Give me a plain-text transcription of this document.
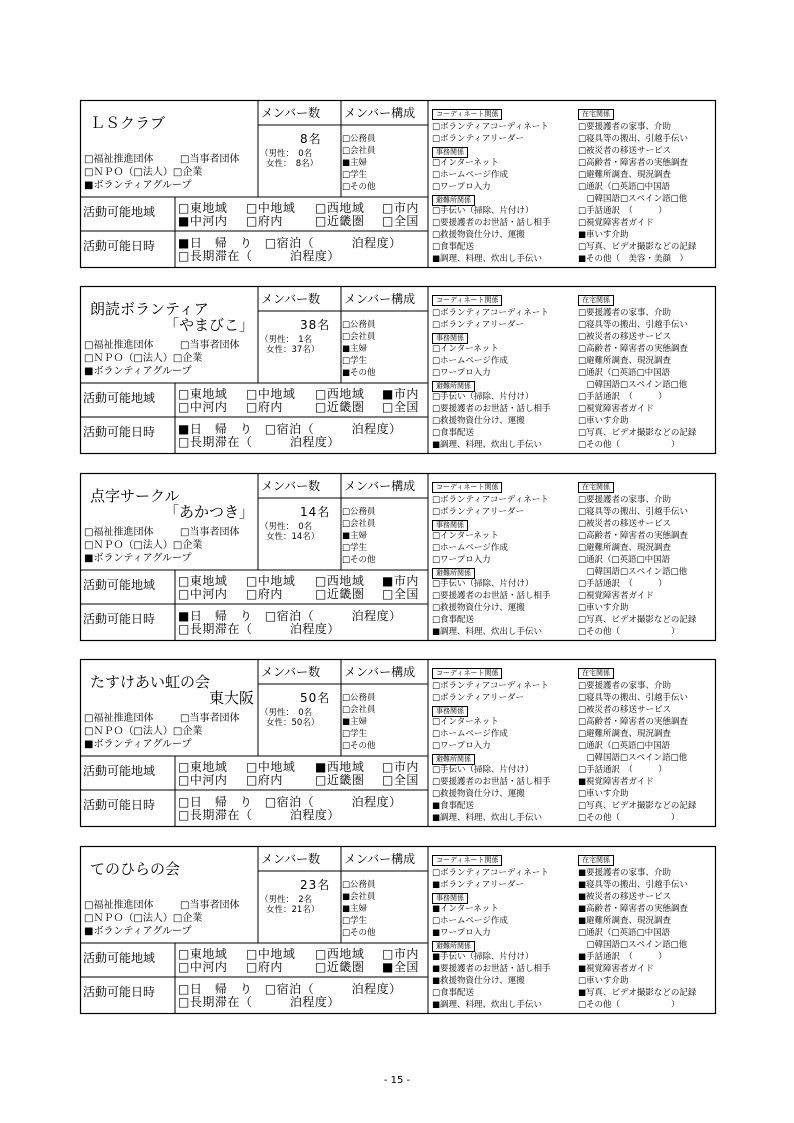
ＬＳクラブ
□福祉推進団体	□当事者団体
□ＮＰＯ（□法人）□企業
■ボランティアグループ
メンバー数
8名
（男性：　0名
女性：　8名）
メンバー構成
□公務員
□会社員
■主婦
□学生
□その他
活動可能地域 □東地域 □中地域 □西地域 □市内
■中河内 □府内	□近畿圏 □全国
活動可能日時 ■日　帰　り　□宿泊（　　　泊程度）
□長期滞在（　　　泊程度）
コーディネート関係
□ボランティアコーディネート
□ボランティアリーダー
事務関係
□インターネット
□ホームページ作成
□ワープロ入力
避難所関係
□手伝い（掃除、片付け）
□要援護者のお世話・話し相手
□救援物資仕分け、運搬
□食事配送
■調理、料理、炊出し手伝い
在宅関係
□要援護者の家事、介助
□寝具等の搬出、引越手伝い
□被災者の移送サービス
□高齢者・障害者の実態調査
□避難所調査、現況調査
□通訳（□英語□中国語
　□韓国語□スペイン語□他
□手話通訳　（　　　）
□視覚障害者ガイド
■車いす介助
□写真、ビデオ撮影などの記録
■その他（　美容・美顔　）
朗読ボランティア
「やまびこ」
□福祉推進団体	□当事者団体
□ＮＰＯ（□法人）□企業
■ボランティアグループ
メンバー数
38名
（男性：　1名
女性：37名）
メンバー構成
□公務員
□会社員
■主婦
□学生
■その他
活動可能地域 □東地域 □中地域 □西地域 ■市内
□中河内 □府内	□近畿圏 □全国
活動可能日時 ■日　帰　り　□宿泊（　　　泊程度）
□長期滞在（　　　泊程度）
コーディネート関係
□ボランティアコーディネート
□ボランティアリーダー
事務関係
□インターネット
□ホームページ作成
□ワープロ入力
避難所関係
□手伝い（掃除、片付け）
□要援護者のお世話・話し相手
□救援物資仕分け、運搬
□食事配送
■調理、料理、炊出し手伝い
在宅関係
□要援護者の家事、介助
□寝具等の搬出、引越手伝い
□被災者の移送サービス
□高齢者・障害者の実態調査
□避難所調査、現況調査
□通訳（□英語□中国語
　□韓国語□スペイン語□他
□手話通訳　（　　　）
□視覚障害者ガイド
□車いす介助
□写真、ビデオ撮影などの記録
□その他（　　　　　　）
点字サークル
「あかつき」
□福祉推進団体	□当事者団体
□ＮＰＯ（□法人）□企業
■ボランティアグループ
メンバー数
14名
（男性：　0名
女性：14名）
メンバー構成
□公務員
□会社員
■主婦
□学生
□その他
活動可能地域 □東地域 □中地域 □西地域 ■市内
□中河内 □府内	□近畿圏 □全国
活動可能日時 ■日　帰　り　□宿泊（　　　泊程度）
□長期滞在（　　　泊程度）
コーディネート関係
□ボランティアコーディネート
□ボランティアリーダー
事務関係
□インターネット
□ホームページ作成
□ワープロ入力
避難所関係
□手伝い（掃除、片付け）
□要援護者のお世話・話し相手
□救援物資仕分け、運搬
□食事配送
■調理、料理、炊出し手伝い
在宅関係
□要援護者の家事、介助
□寝具等の搬出、引越手伝い
□被災者の移送サービス
□高齢者・障害者の実態調査
□避難所調査、現況調査
□通訳（□英語□中国語
　□韓国語□スペイン語□他
□手話通訳　（　　　）
□視覚障害者ガイド
□車いす介助
□写真、ビデオ撮影などの記録
□その他（　　　　　　）
たすけあい虹の会
東大阪
□福祉推進団体	□当事者団体
□ＮＰＯ（□法人）□企業
■ボランティアグループ
メンバー数
50名
（男性：　0名
女性：50名）
メンバー構成
□公務員
□会社員
■主婦
□学生
□その他
活動可能地域 □東地域 □中地域 ■西地域 □市内
□中河内 □府内	□近畿圏 □全国
活動可能日時 □日　帰　り　□宿泊（　　　泊程度）
□長期滞在（　　　泊程度）
コーディネート関係
□ボランティアコーディネート
□ボランティアリーダー
事務関係
□インターネット
□ホームページ作成
□ワープロ入力
避難所関係
□手伝い（掃除、片付け）
□要援護者のお世話・話し相手
□救援物資仕分け、運搬
■食事配送
■調理、料理、炊出し手伝い
在宅関係
□要援護者の家事、介助
□寝具等の搬出、引越手伝い
□被災者の移送サービス
□高齢者・障害者の実態調査
□避難所調査、現況調査
□通訳（□英語□中国語
　□韓国語□スペイン語□他
□手話通訳　（　　　）
■視覚障害者ガイド
□車いす介助
□写真、ビデオ撮影などの記録
□その他（　　　　　　）
てのひらの会
□福祉推進団体	□当事者団体
□ＮＰＯ（□法人）□企業
■ボランティアグループ
メンバー数
23名
（男性：　2名
女性：21名）
メンバー構成
□公務員
■会社員
■主婦
□学生
□その他
活動可能地域 □東地域 □中地域 □西地域 □市内
□中河内 □府内	□近畿圏 ■全国
活動可能日時 □日　帰　り　□宿泊（　　　泊程度）
□長期滞在（　　　泊程度）
コーディネート関係
□ボランティアコーディネート
■ボランティアリーダー
事務関係
■インターネット
□ホームページ作成
■ワープロ入力
避難所関係
■手伝い（掃除、片付け）
■要援護者のお世話・話し相手
■救援物資仕分け、運搬
□食事配送
■調理、料理、炊出し手伝い
在宅関係
■要援護者の家事、介助
■寝具等の搬出、引越手伝い
■被災者の移送サービス
■高齢者・障害者の実態調査
■避難所調査、現況調査
□通訳（□英語□中国語
　□韓国語□スペイン語□他
■手話通訳　（　　　）
■視覚障害者ガイド
□車いす介助
■写真、ビデオ撮影などの記録
□その他（　　　　　　）
- 15 -
